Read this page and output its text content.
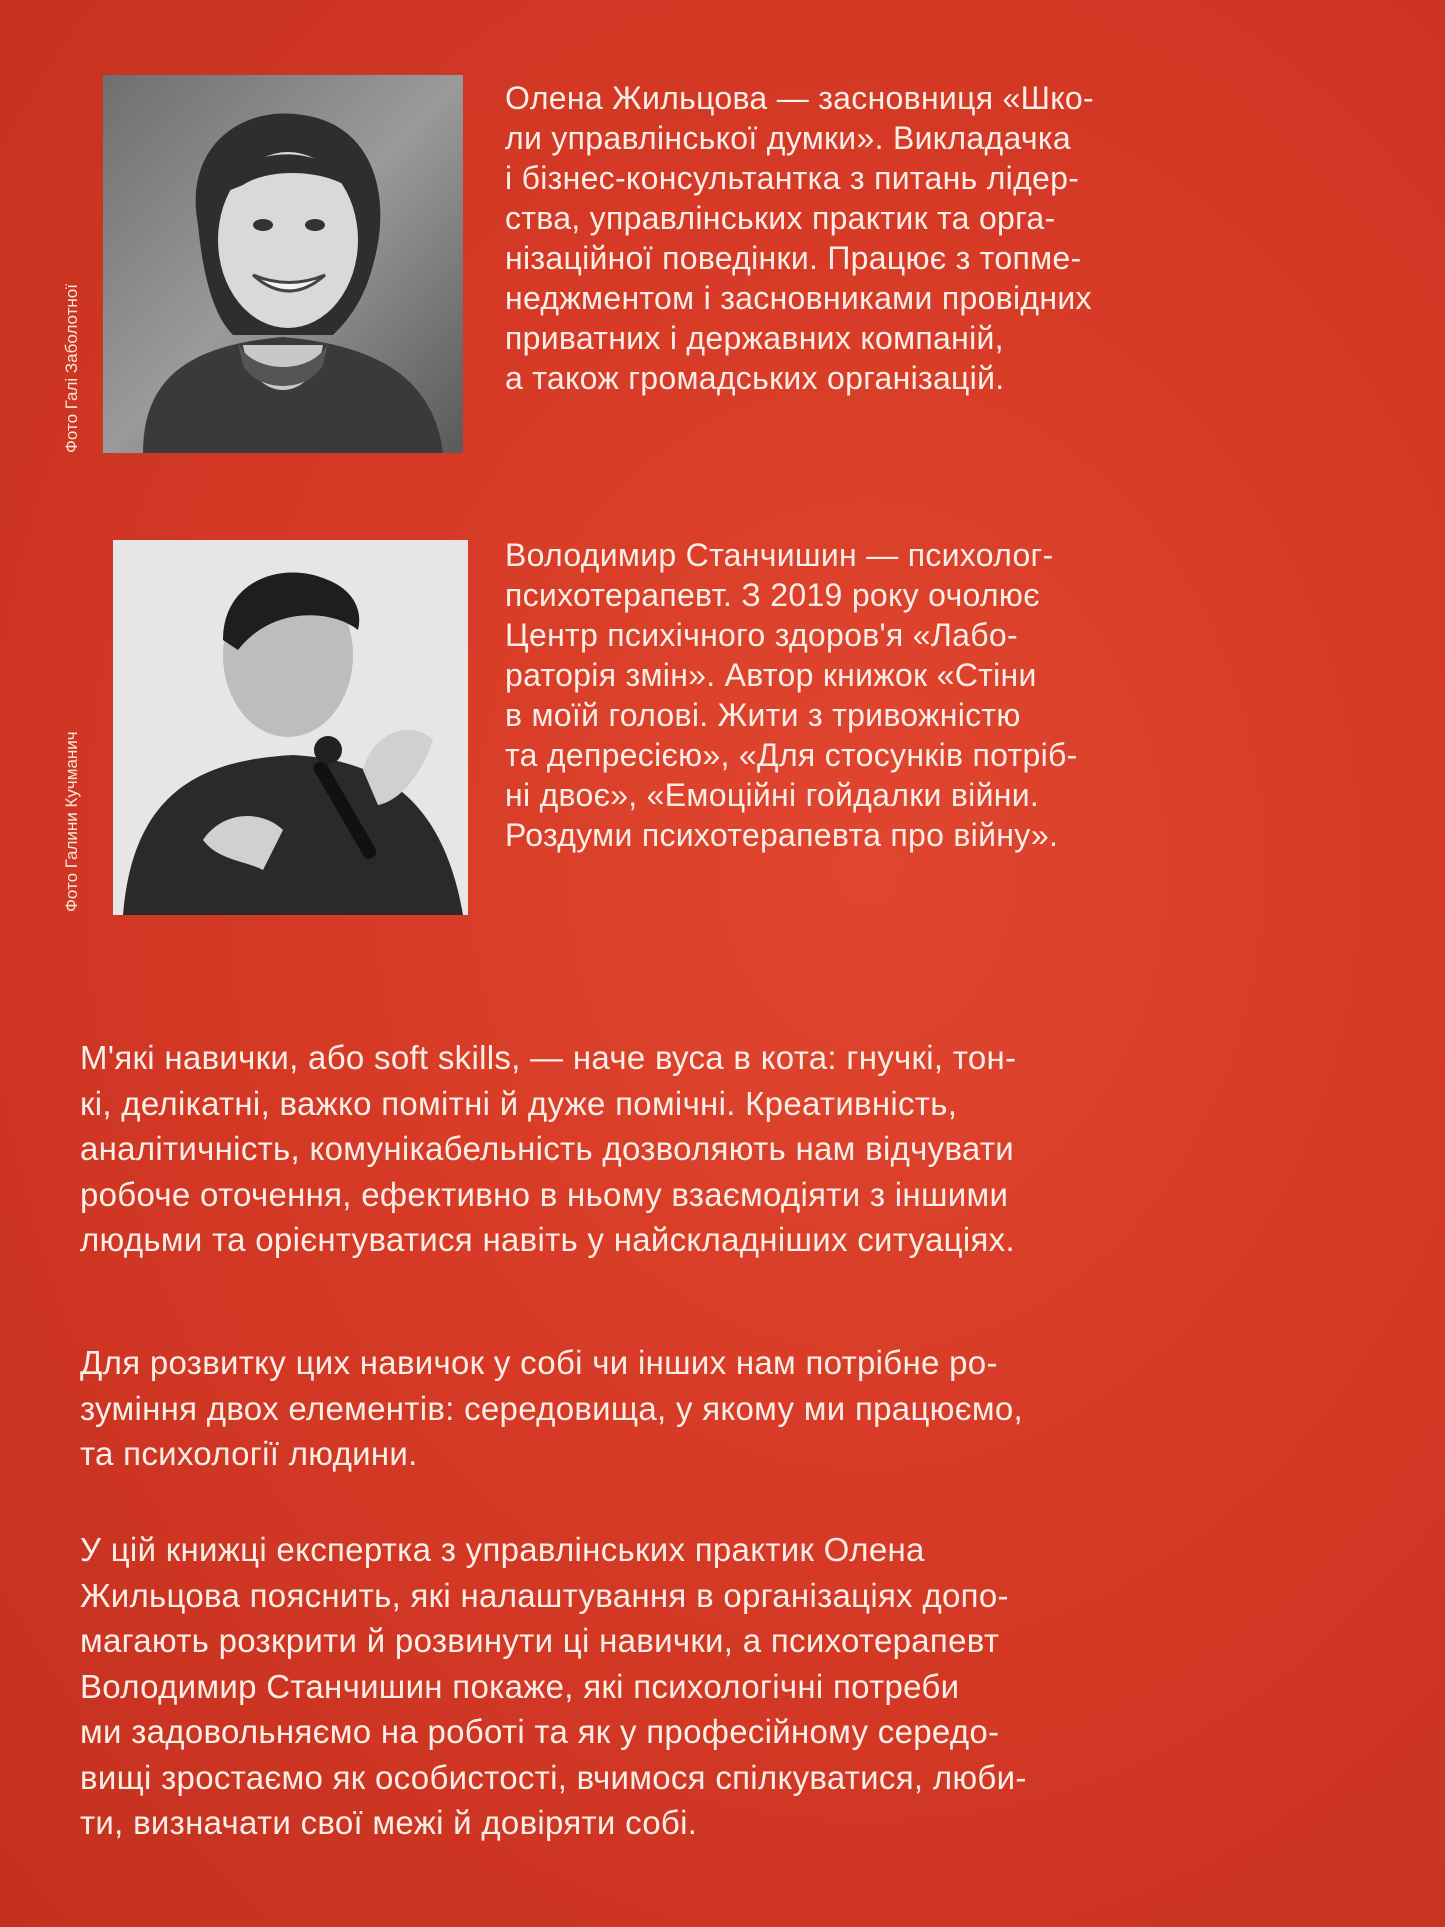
Фото Галі Заболотної
Олена Жильцова — засновниця «Шко-
ли управлінської думки». Викладачка
і бізнес-консультантка з питань лідер-
ства, управлінських практик та орга-
нізаційної поведінки. Працює з топме-
неджментом і засновниками провідних
приватних і державних компаній,
а також громадських організацій.
Фото Галини Кучманич
Володимир Станчишин — психолог-
психотерапевт. З 2019 року очолює
Центр психічного здоров'я «Лабо-
раторія змін». Автор книжок «Стіни
в моїй голові. Жити з тривожністю
та депресією», «Для стосунків потріб-
ні двоє», «Емоційні гойдалки війни.
Роздуми психотерапевта про війну».
М'які навички, або soft skills, — наче вуса в кота: гнучкі, тон-
кі, делікатні, важко помітні й дуже помічні. Креативність,
аналітичність, комунікабельність дозволяють нам відчувати
робоче оточення, ефективно в ньому взаємодіяти з іншими
людьми та орієнтуватися навіть у найскладніших ситуаціях.
Для розвитку цих навичок у собі чи інших нам потрібне ро-
зуміння двох елементів: середовища, у якому ми працюємо,
та психології людини.
У цій книжці експертка з управлінських практик Олена
Жильцова пояснить, які налаштування в організаціях допо-
магають розкрити й розвинути ці навички, а психотерапевт
Володимир Станчишин покаже, які психологічні потреби
ми задовольняємо на роботі та як у професійному середо-
вищі зростаємо як особистості, вчимося спілкуватися, люби-
ти, визначати свої межі й довіряти собі.
